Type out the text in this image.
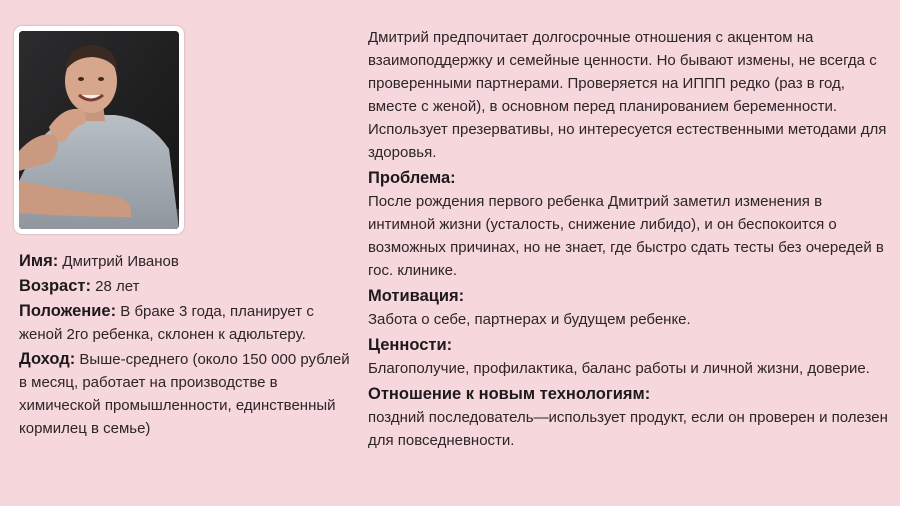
Имя: Дмитрий Иванов

Возраст: 28 лет

Положение: В браке 3 года, планирует с женой 2го ребенка, склонен к адюльтеру.

Доход: Выше-среднего (около 150 000 рублей в месяц, работает на производстве в химической промышленности, единственный кормилец в семье)

Дмитрий предпочитает долгосрочные отношения с акцентом на взаимоподдержку и семейные ценности. Но бывают измены, не всегда с проверенными партнерами. Проверяется на ИППП редко (раз в год, вместе с женой), в основном перед планированием беременности. Использует презервативы, но интересуется естественными методами для здоровья.

Проблема:

После рождения первого ребенка Дмитрий заметил изменения в интимной жизни (усталость, снижение либидо), и он беспокоится о возможных причинах, но не знает, где быстро сдать тесты без очередей в гос. клинике.

Мотивация:

Забота о себе, партнерах и будущем ребенке.

Ценности:

Благополучие, профилактика, баланс работы и личной жизни, доверие.

Отношение к новым технологиям:

поздний последователь—использует продукт, если он проверен и полезен для повседневности.
